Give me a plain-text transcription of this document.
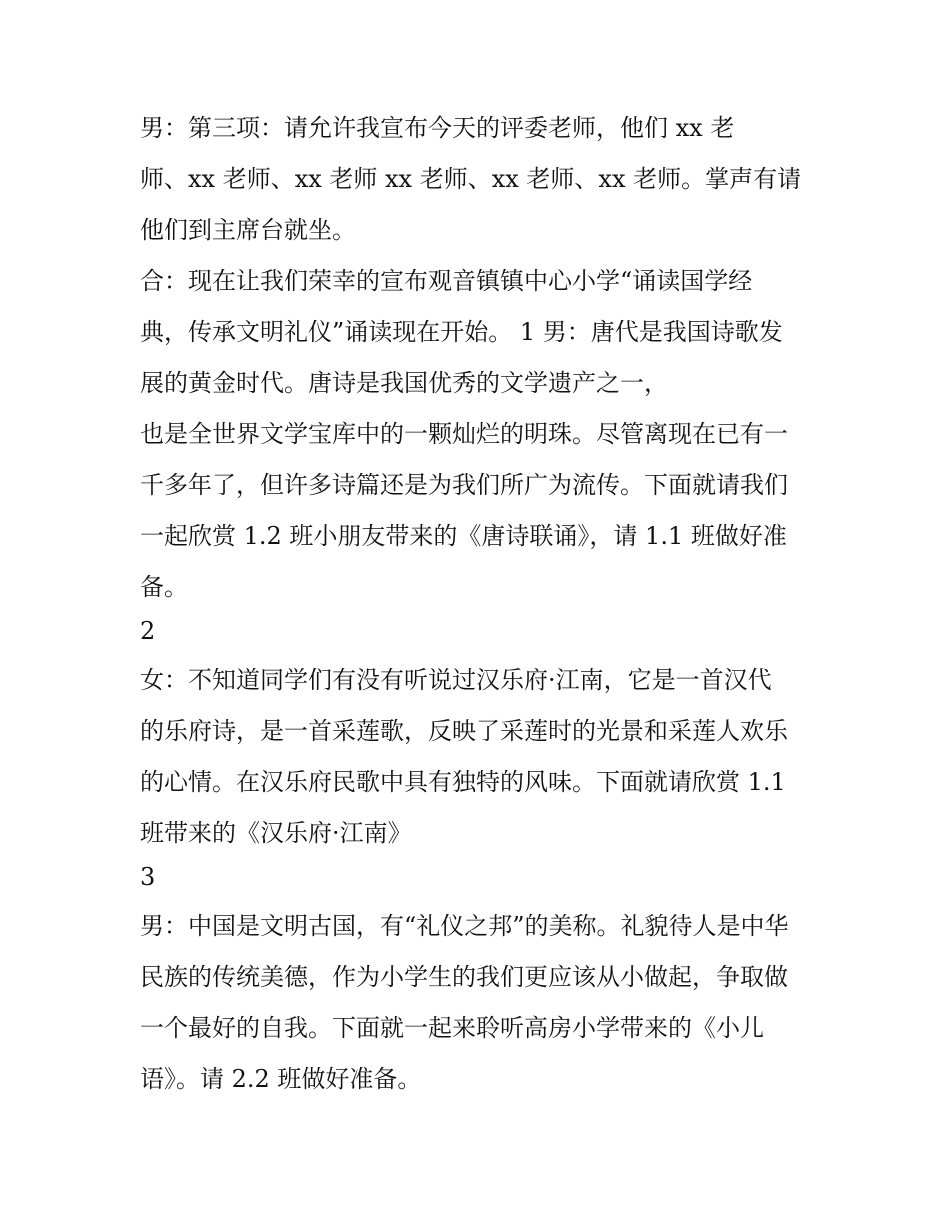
男：第三项：请允许我宣布今天的评委老师，他们 xx 老
师、xx 老师、xx 老师 xx 老师、xx 老师、xx 老师。掌声有请
他们到主席台就坐。
合：现在让我们荣幸的宣布观音镇镇中心小学“诵读国学经
典，传承文明礼仪”诵读现在开始。 1 男：唐代是我国诗歌发
展的黄金时代。唐诗是我国优秀的文学遗产之一，
也是全世界文学宝库中的一颗灿烂的明珠。尽管离现在已有一
千多年了，但许多诗篇还是为我们所广为流传。下面就请我们
一起欣赏 1.2 班小朋友带来的《唐诗联诵》，请 1.1 班做好准
备。
2
女：不知道同学们有没有听说过汉乐府·江南，它是一首汉代
的乐府诗，是一首采莲歌，反映了采莲时的光景和采莲人欢乐
的心情。在汉乐府民歌中具有独特的风味。下面就请欣赏 1.1
班带来的《汉乐府·江南》
3
男：中国是文明古国，有“礼仪之邦”的美称。礼貌待人是中华
民族的传统美德，作为小学生的我们更应该从小做起，争取做
一个最好的自我。下面就一起来聆听高房小学带来的《小儿
语》。请 2.2 班做好准备。
